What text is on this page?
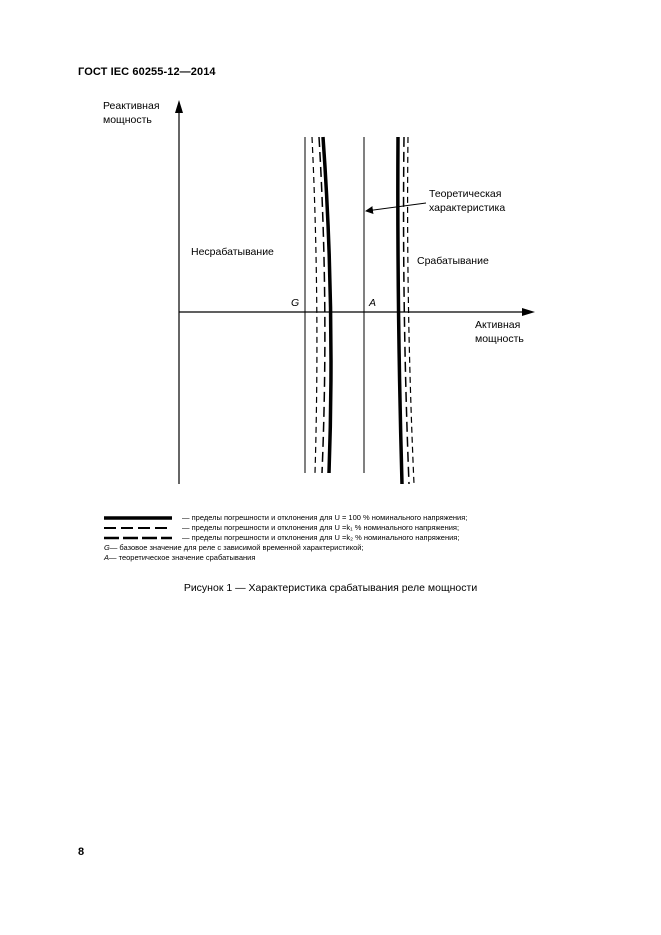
ГОСТ IEC 60255-12—2014
Реактивная
мощность
Теоретическая
характеристика
Несрабатывание
Срабатывание
G	A
Активная
мощность
— пределы погрешности и отклонения для U = 100 % номинального напряжения;
— пределы погрешности и отклонения для U =k₁ % номинального напряжения;
— пределы погрешности и отклонения для U =k₂ % номинального напряжения;
G — базовое значение для реле с зависимой временной характеристикой;
A — теоретическое значение срабатывания
Рисунок 1 — Характеристика срабатывания реле мощности
8
